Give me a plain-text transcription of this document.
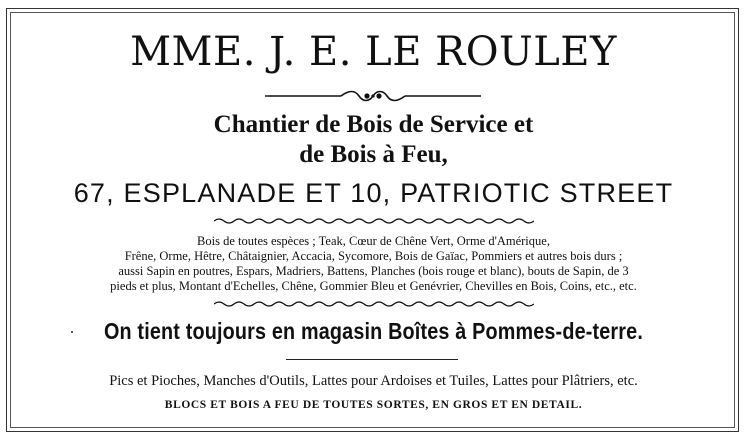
MME. J. E. LE ROULEY
Chantier de Bois de Service et
de Bois à Feu,
67, ESPLANADE ET 10, PATRIOTIC STREET
Bois de toutes espèces ; Teak, Cœur de Chêne Vert, Orme d'Amérique,
Frêne, Orme, Hêtre, Châtaignier, Accacia, Sycomore, Bois de Gaïac, Pommiers et autres bois durs ;
aussi Sapin en poutres, Espars, Madriers, Battens, Planches (bois rouge et blanc), bouts de Sapin, de 3
pieds et plus, Montant d'Echelles, Chêne, Gommier Bleu et Genévrier, Chevilles en Bois, Coins, etc., etc.
On tient toujours en magasin Boîtes à Pommes-de-terre.
Pics et Pioches, Manches d'Outils, Lattes pour Ardoises et Tuiles, Lattes pour Plâtriers, etc.
BLOCS ET BOIS A FEU DE TOUTES SORTES, EN GROS ET EN DETAIL.
